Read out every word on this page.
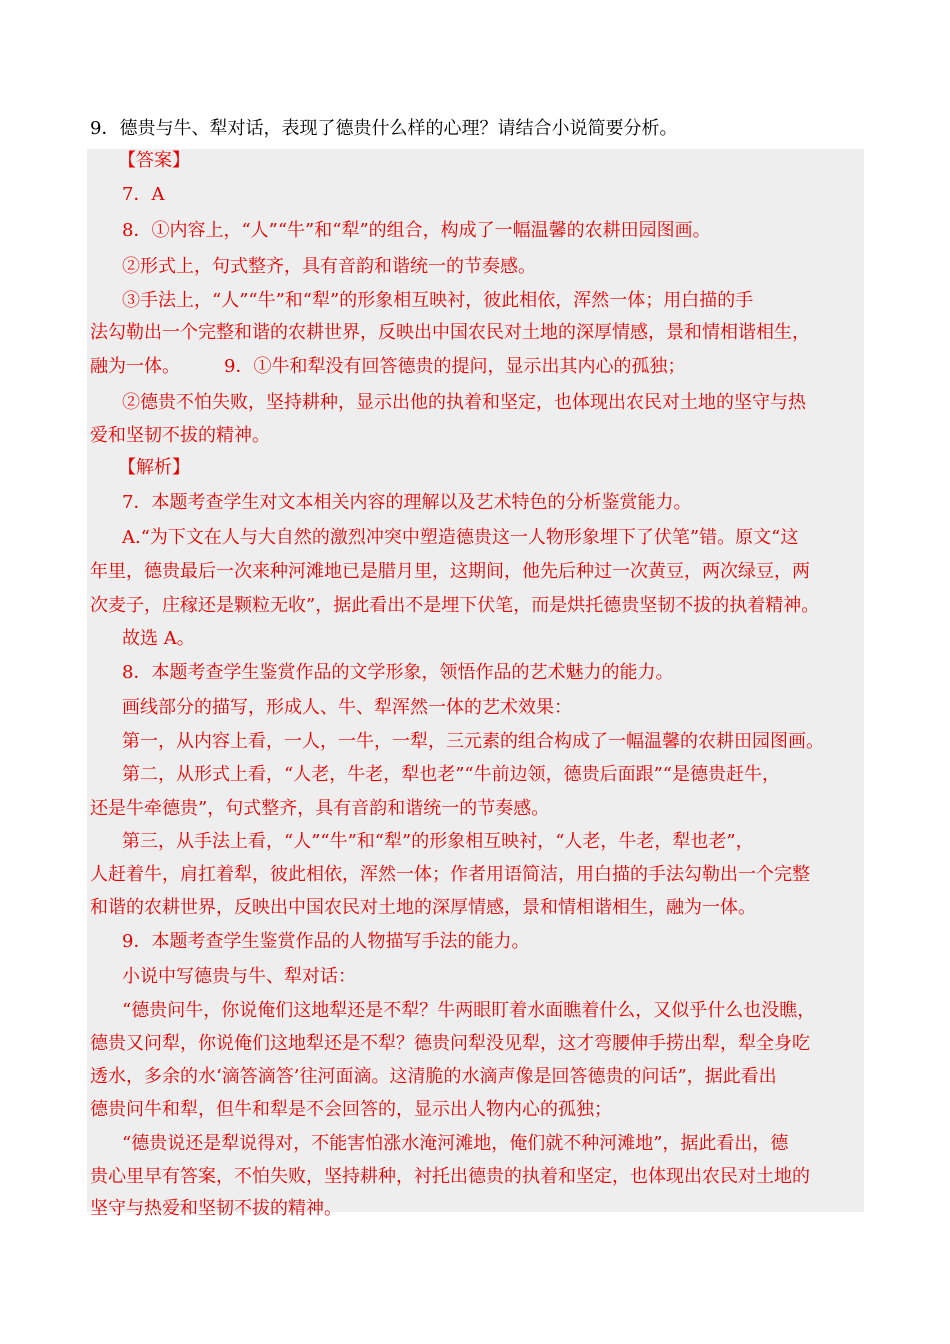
9．德贵与牛、犁对话，表现了德贵什么样的心理？请结合小说简要分析。
【答案】
7．A
8．①内容上，“人”“牛”和“犁”的组合，构成了一幅温馨的农耕田园图画。
②形式上，句式整齐，具有音韵和谐统一的节奏感。
③手法上，“人”“牛”和“犁”的形象相互映衬，彼此相依，浑然一体；用白描的手
法勾勒出一个完整和谐的农耕世界，反映出中国农民对土地的深厚情感，景和情相谐相生，
融为一体。 9．①牛和犁没有回答德贵的提问，显示出其内心的孤独；
②德贵不怕失败，坚持耕种，显示出他的执着和坚定，也体现出农民对土地的坚守与热
爱和坚韧不拔的精神。
【解析】
7．本题考查学生对文本相关内容的理解以及艺术特色的分析鉴赏能力。
A.“为下文在人与大自然的激烈冲突中塑造德贵这一人物形象埋下了伏笔”错。原文“这
年里，德贵最后一次来种河滩地已是腊月里，这期间，他先后种过一次黄豆，两次绿豆，两
次麦子，庄稼还是颗粒无收”，据此看出不是埋下伏笔，而是烘托德贵坚韧不拔的执着精神。
故选 A。
8．本题考查学生鉴赏作品的文学形象，领悟作品的艺术魅力的能力。
画线部分的描写，形成人、牛、犁浑然一体的艺术效果：
第一，从内容上看，一人，一牛，一犁，三元素的组合构成了一幅温馨的农耕田园图画。
第二，从形式上看，“人老，牛老，犁也老”“牛前边领，德贵后面跟”“是德贵赶牛，
还是牛牵德贵”，句式整齐，具有音韵和谐统一的节奏感。
第三，从手法上看，“人”“牛”和“犁”的形象相互映衬，“人老，牛老，犁也老”，
人赶着牛，肩扛着犁，彼此相依，浑然一体；作者用语简洁，用白描的手法勾勒出一个完整
和谐的农耕世界，反映出中国农民对土地的深厚情感，景和情相谐相生，融为一体。
9．本题考查学生鉴赏作品的人物描写手法的能力。
小说中写德贵与牛、犁对话：
“德贵问牛，你说俺们这地犁还是不犁？牛两眼盯着水面瞧着什么，又似乎什么也没瞧，
德贵又问犁，你说俺们这地犁还是不犁？德贵问犁没见犁，这才弯腰伸手捞出犁，犁全身吃
透水，多余的水‘滴答滴答’往河面滴。这清脆的水滴声像是回答德贵的问话”，据此看出
德贵问牛和犁，但牛和犁是不会回答的，显示出人物内心的孤独；
“德贵说还是犁说得对，不能害怕涨水淹河滩地，俺们就不种河滩地”，据此看出，德
贵心里早有答案，不怕失败，坚持耕种，衬托出德贵的执着和坚定，也体现出农民对土地的
坚守与热爱和坚韧不拔的精神。
